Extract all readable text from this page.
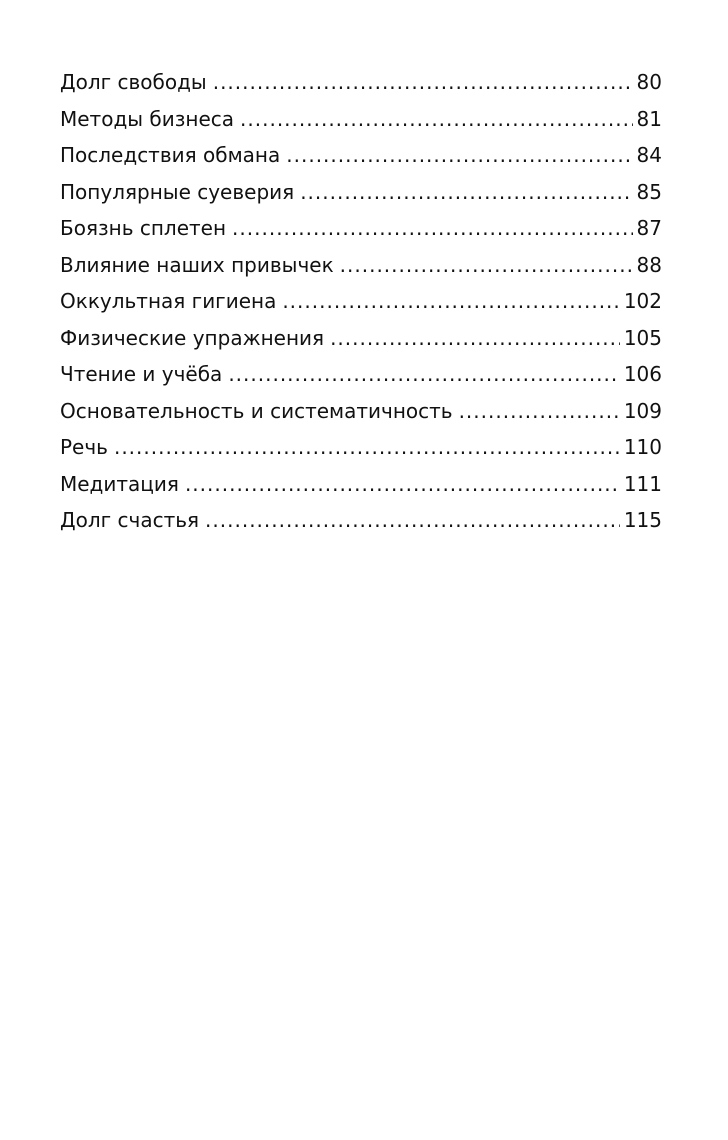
Долг свободы .....	80
Методы бизнеса .....	81
Последствия обмана .....	84
Популярные суеверия .....	85
Боязнь сплетен .....	87
Влияние наших привычек .....	88
Оккультная гигиена .....	102
Физические упражнения .....	105
Чтение и учёба .....	106
Основательность и систематичность .....	109
Речь .....	110
Медитация .....	111
Долг счастья .....	115
